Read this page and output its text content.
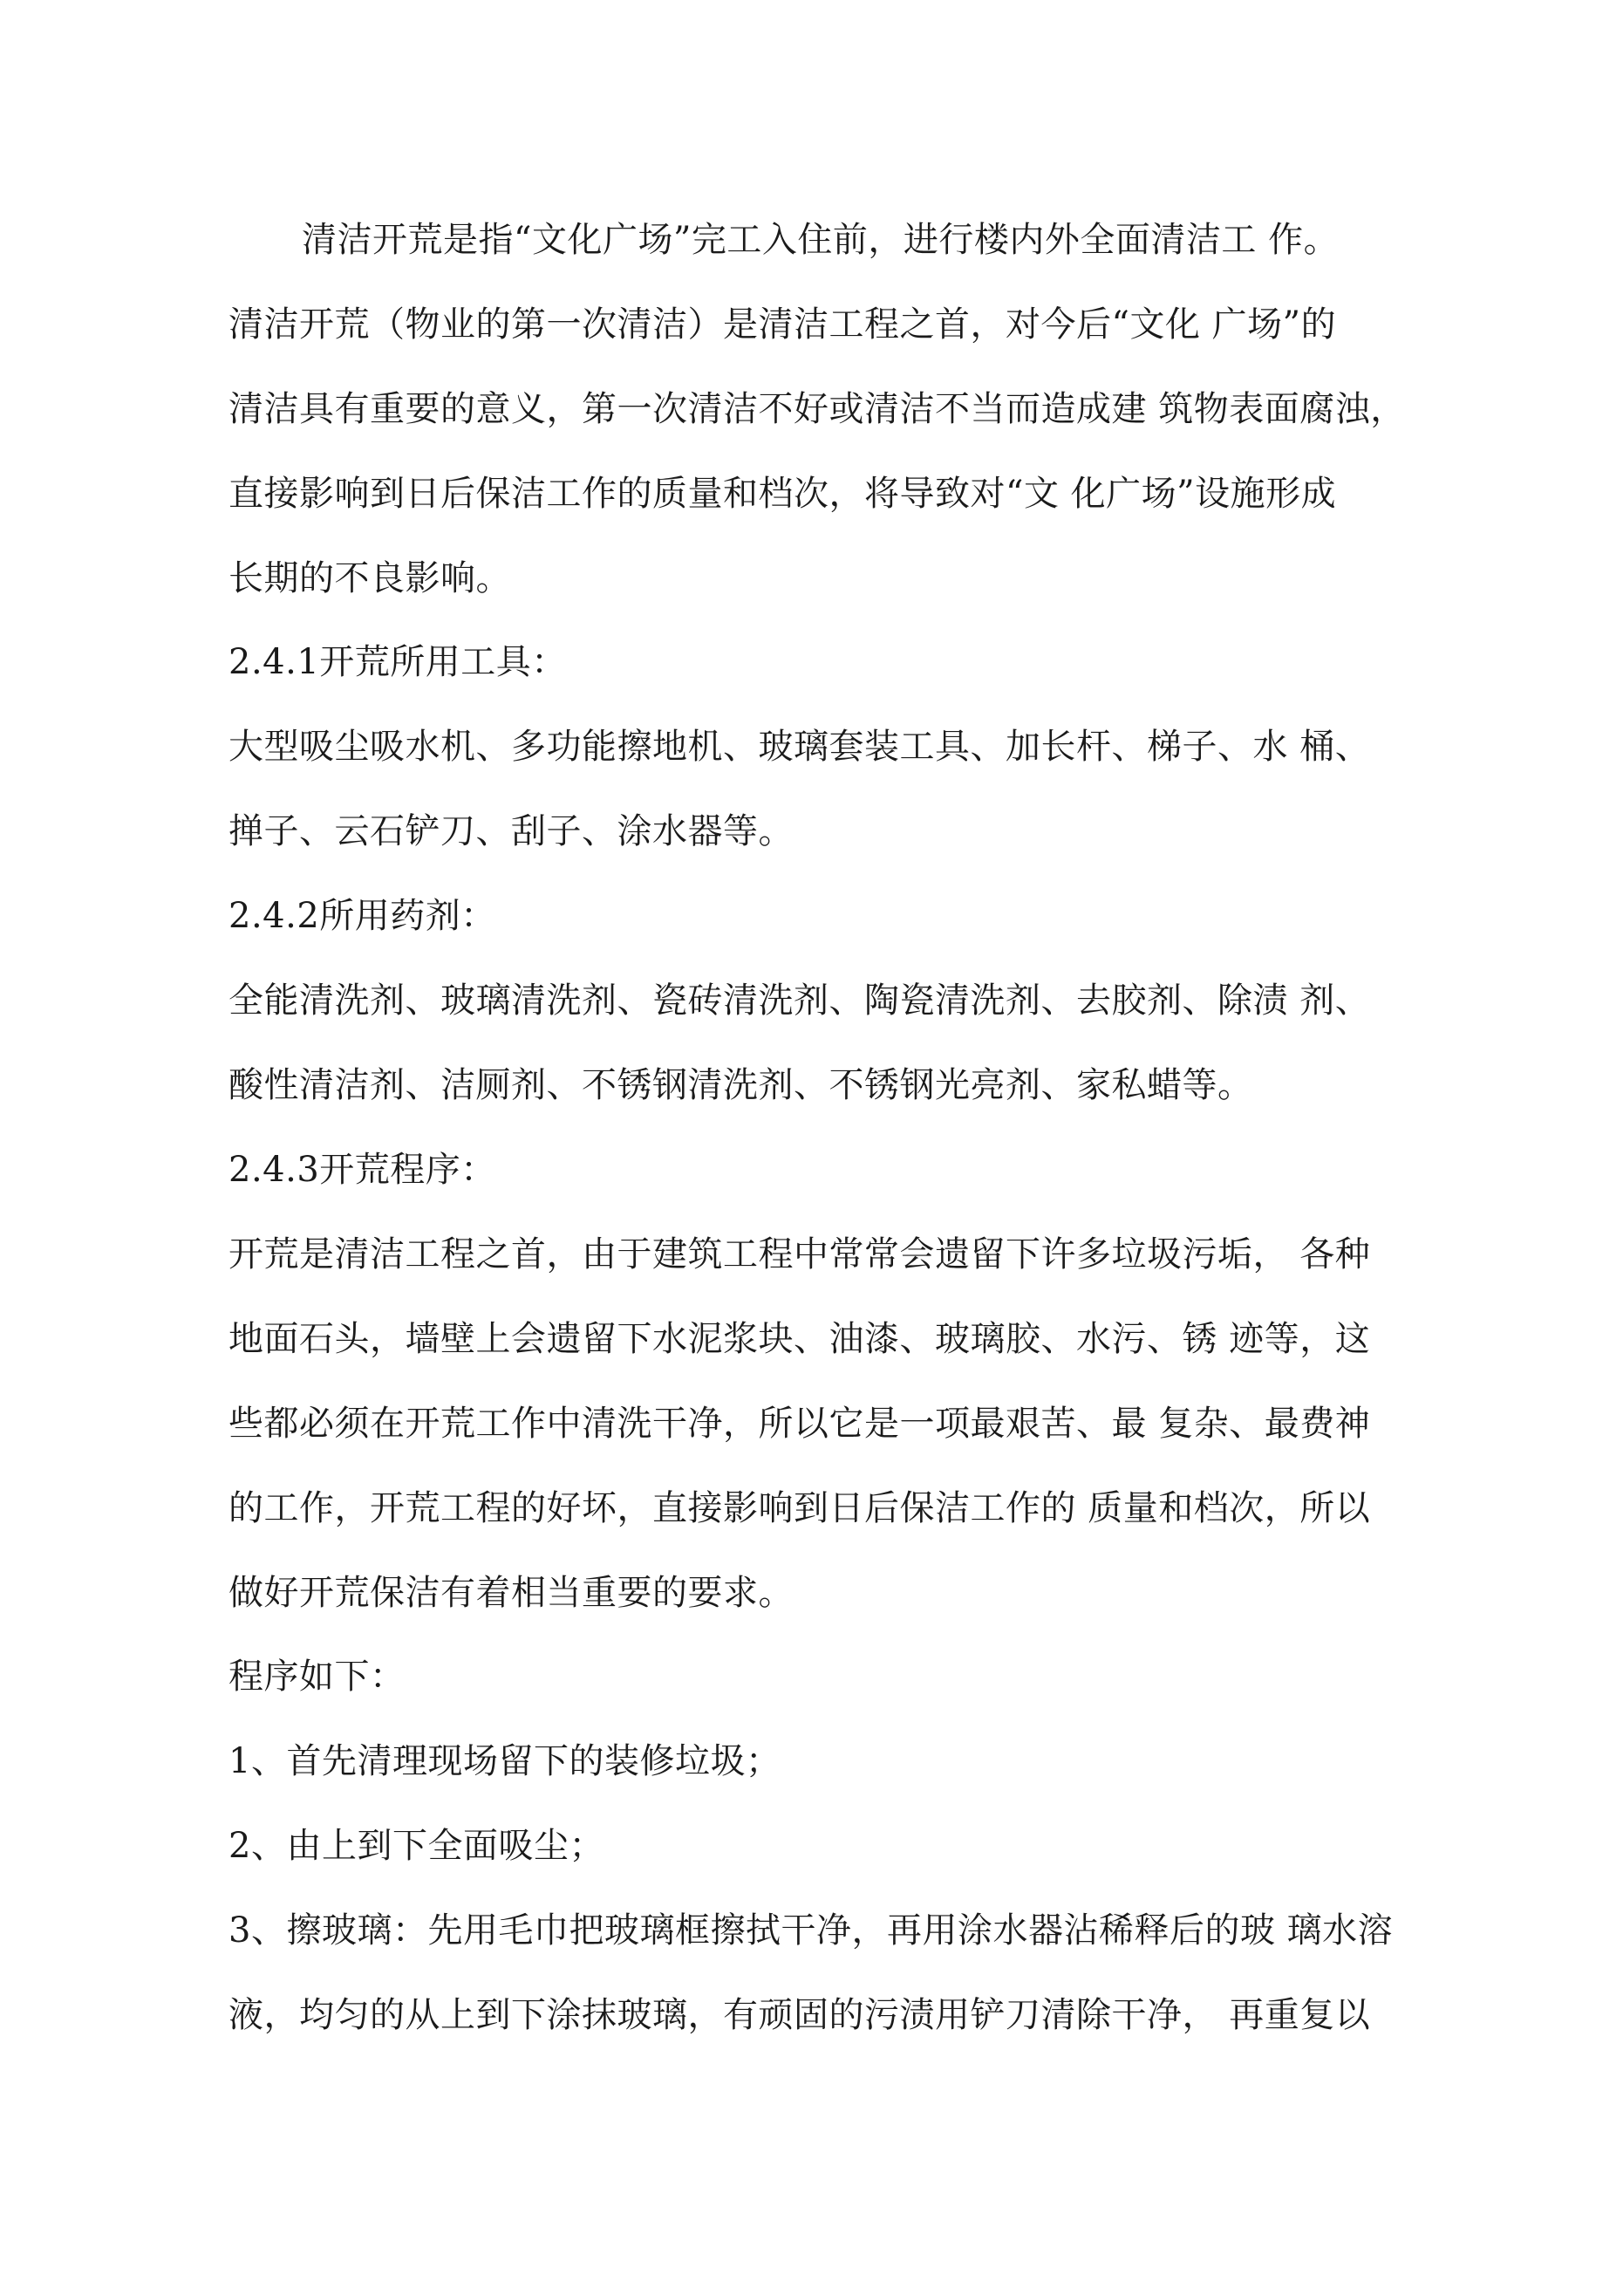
清洁开荒是指“文化广场”完工入住前，进行楼内外全面清洁工 作。
清洁开荒（物业的第一次清洁）是清洁工程之首，对今后“文化 广场”的
清洁具有重要的意义，第一次清洁不好或清洁不当而造成建 筑物表面腐浊，
直接影响到日后保洁工作的质量和档次，将导致对“文 化广场”设施形成
长期的不良影响。
2.4.1开荒所用工具：
大型吸尘吸水机、多功能擦地机、玻璃套装工具、加长杆、梯子、水 桶、
掸子、云石铲刀、刮子、涂水器等。
2.4.2所用药剂：
全能清洗剂、玻璃清洗剂、瓷砖清洗剂、陶瓷清洗剂、去胶剂、除渍 剂、
酸性清洁剂、洁厕剂、不锈钢清洗剂、不锈钢光亮剂、家私蜡等。
2.4.3开荒程序：
开荒是清洁工程之首，由于建筑工程中常常会遗留下许多垃圾污垢， 各种
地面石头，墙壁上会遗留下水泥浆块、油漆、玻璃胶、水污、锈 迹等，这
些都必须在开荒工作中清洗干净，所以它是一项最艰苦、最 复杂、最费神
的工作，开荒工程的好坏，直接影响到日后保洁工作的 质量和档次，所以
做好开荒保洁有着相当重要的要求。
程序如下：
1、首先清理现场留下的装修垃圾；
2、由上到下全面吸尘；
3、擦玻璃：先用毛巾把玻璃框擦拭干净，再用涂水器沾稀释后的玻 璃水溶
液，均匀的从上到下涂抹玻璃，有顽固的污渍用铲刀清除干净， 再重复以
